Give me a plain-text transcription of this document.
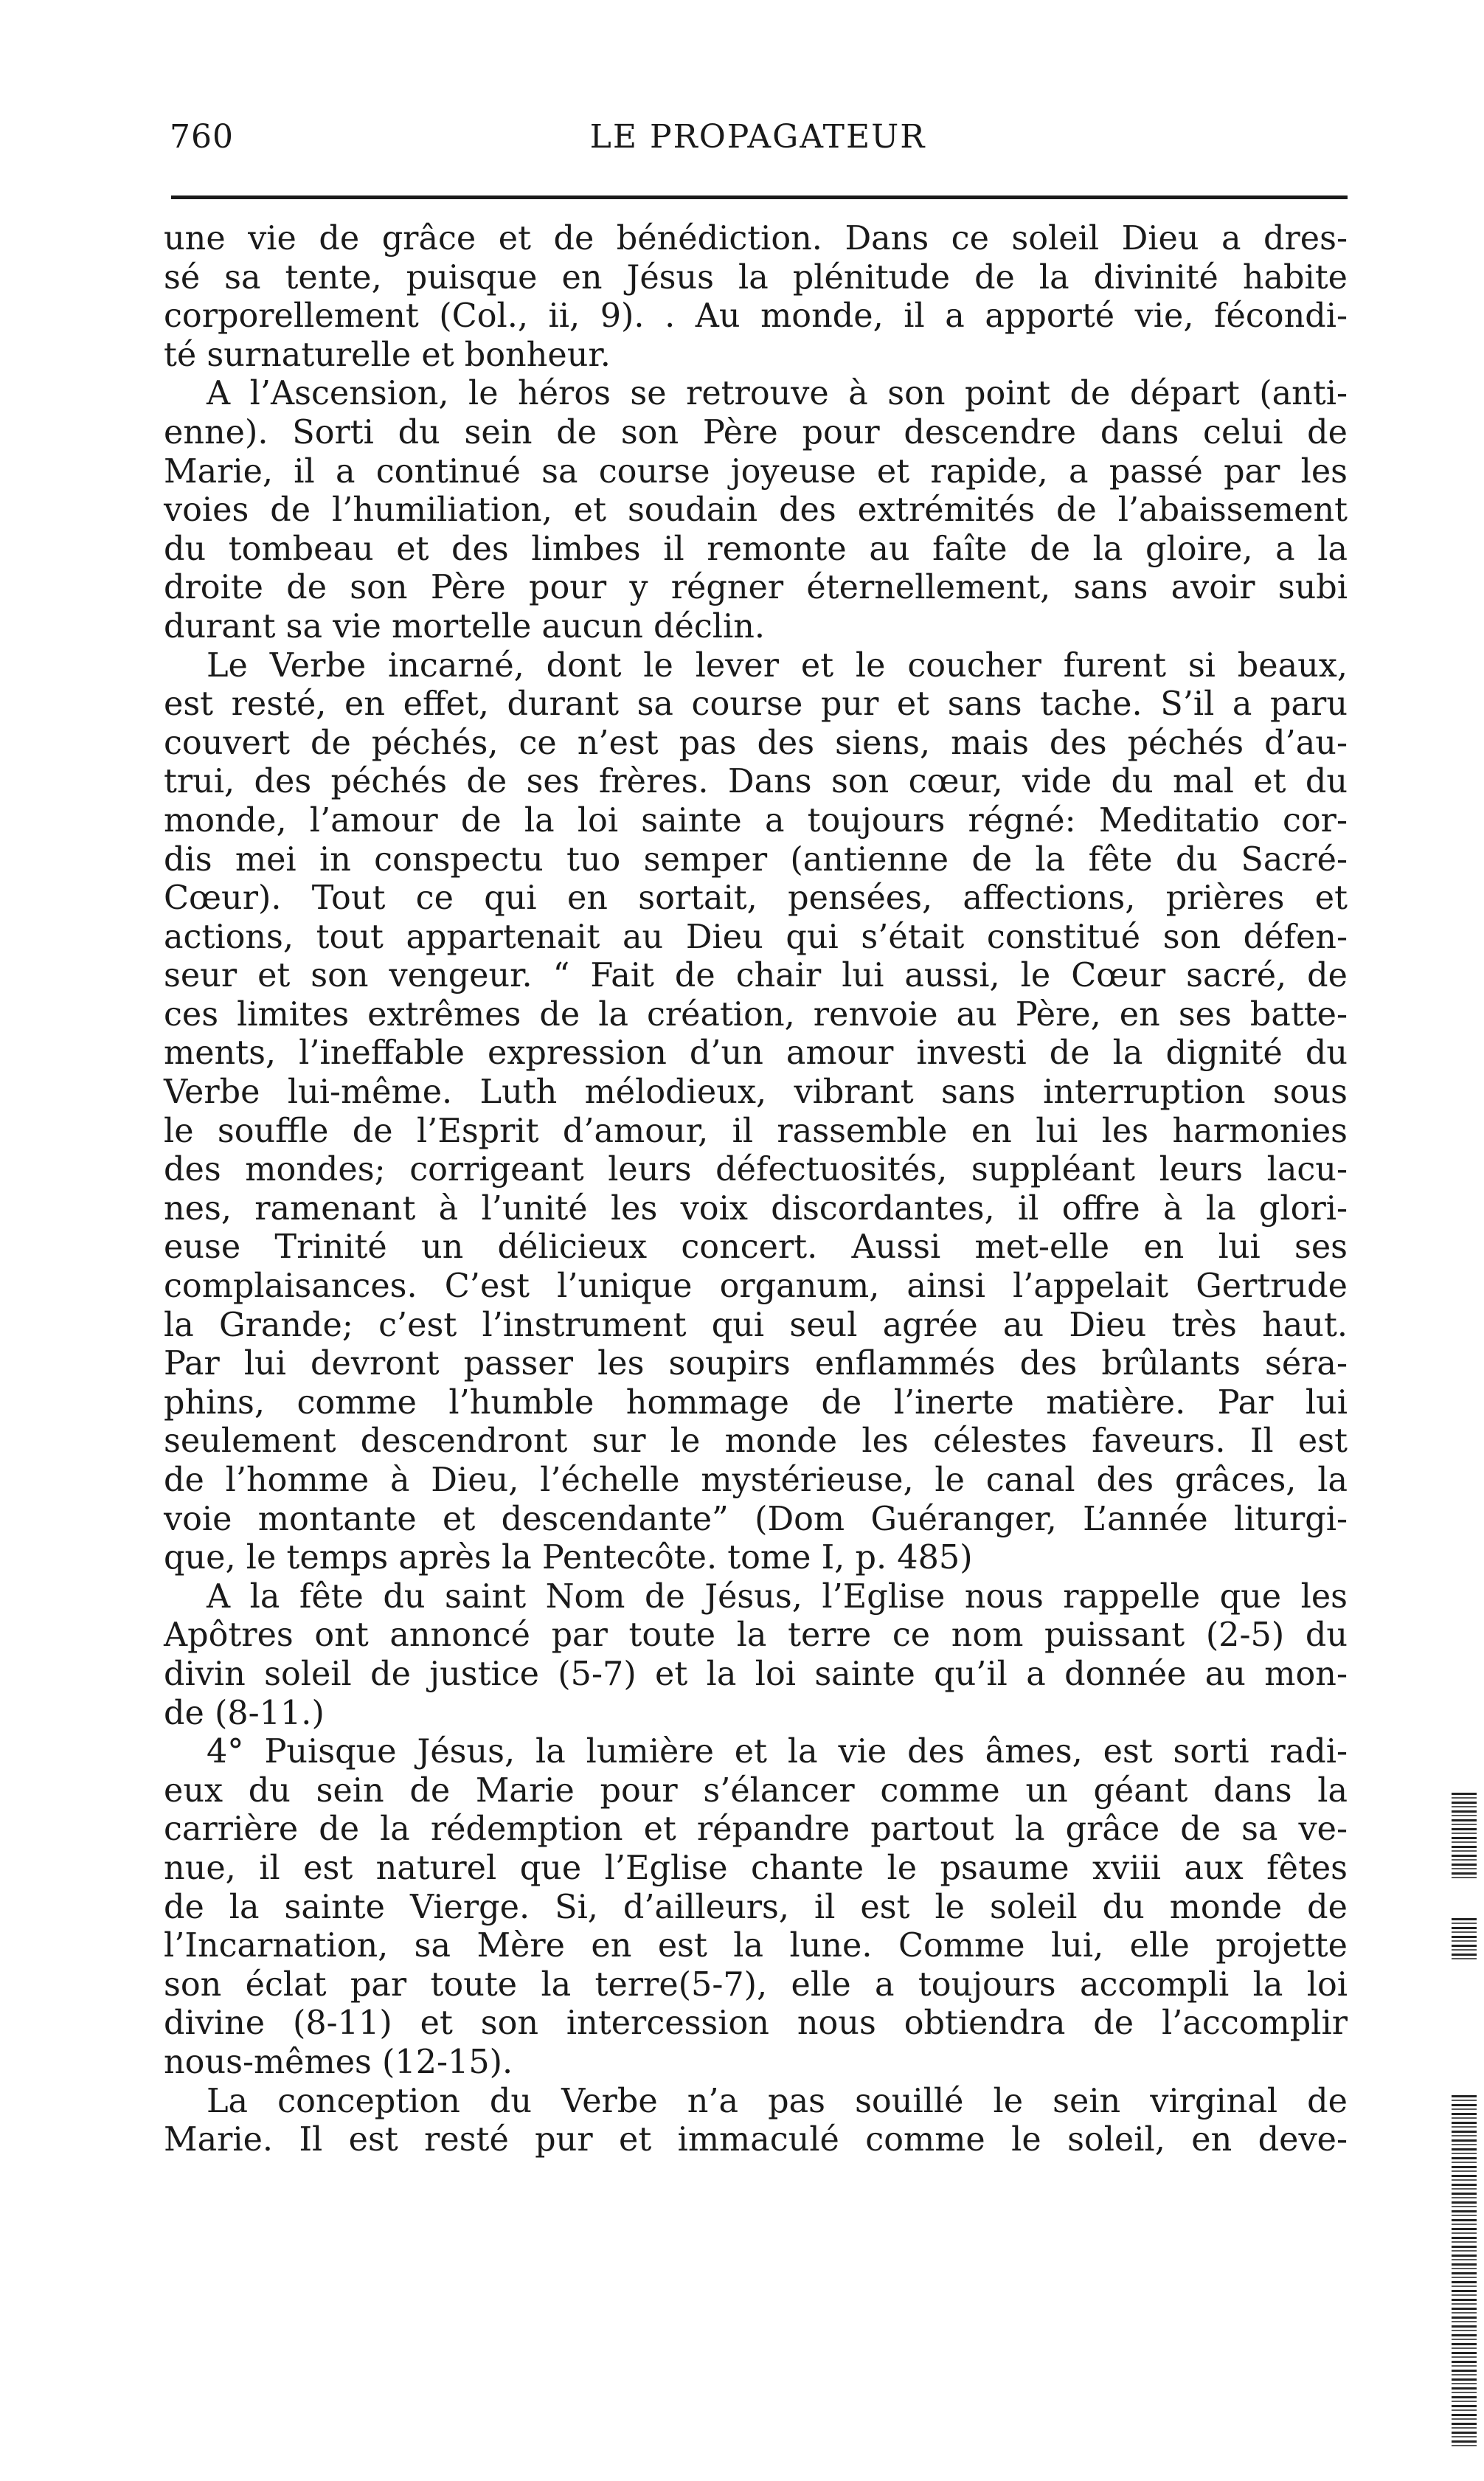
760	LE PROPAGATEUR
une vie de grâce et de bénédiction. Dans ce soleil Dieu a dres-
sé sa tente, puisque en Jésus la plénitude de la divinité habite
corporellement (Col., ii, 9). . Au monde, il a apporté vie, fécondi-
té surnaturelle et bonheur.
A l’Ascension, le héros se retrouve à son point de départ (anti-
enne). Sorti du sein de son Père pour descendre dans celui de
Marie, il a continué sa course joyeuse et rapide, a passé par les
voies de l’humiliation, et soudain des extrémités de l’abaissement
du tombeau et des limbes il remonte au faîte de la gloire, a la
droite de son Père pour y régner éternellement, sans avoir subi
durant sa vie mortelle aucun déclin.
Le Verbe incarné, dont le lever et le coucher furent si beaux,
est resté, en effet, durant sa course pur et sans tache. S’il a paru
couvert de péchés, ce n’est pas des siens, mais des péchés d’au-
trui, des péchés de ses frères. Dans son cœur, vide du mal et du
monde, l’amour de la loi sainte a toujours régné: Meditatio cor-
dis mei in conspectu tuo semper (antienne de la fête du Sacré-
Cœur). Tout ce qui en sortait, pensées, affections, prières et
actions, tout appartenait au Dieu qui s’était constitué son défen-
seur et son vengeur. “ Fait de chair lui aussi, le Cœur sacré, de
ces limites extrêmes de la création, renvoie au Père, en ses batte-
ments, l’ineffable expression d’un amour investi de la dignité du
Verbe lui-même. Luth mélodieux, vibrant sans interruption sous
le souffle de l’Esprit d’amour, il rassemble en lui les harmonies
des mondes; corrigeant leurs défectuosités, suppléant leurs lacu-
nes, ramenant à l’unité les voix discordantes, il offre à la glori-
euse Trinité un délicieux concert. Aussi met-elle en lui ses
complaisances. C’est l’unique organum, ainsi l’appelait Gertrude
la Grande; c’est l’instrument qui seul agrée au Dieu très haut.
Par lui devront passer les soupirs enflammés des brûlants séra-
phins, comme l’humble hommage de l’inerte matière. Par lui
seulement descendront sur le monde les célestes faveurs. Il est
de l’homme à Dieu, l’échelle mystérieuse, le canal des grâces, la
voie montante et descendante” (Dom Guéranger, L’année liturgi-
que, le temps après la Pentecôte. tome I, p. 485)
A la fête du saint Nom de Jésus, l’Eglise nous rappelle que les
Apôtres ont annoncé par toute la terre ce nom puissant (2-5) du
divin soleil de justice (5-7) et la loi sainte qu’il a donnée au mon-
de (8-11.)
4° Puisque Jésus, la lumière et la vie des âmes, est sorti radi-
eux du sein de Marie pour s’élancer comme un géant dans la
carrière de la rédemption et répandre partout la grâce de sa ve-
nue, il est naturel que l’Eglise chante le psaume xviii aux fêtes
de la sainte Vierge. Si, d’ailleurs, il est le soleil du monde de
l’Incarnation, sa Mère en est la lune. Comme lui, elle projette
son éclat par toute la terre(5-7), elle a toujours accompli la loi
divine (8-11) et son intercession nous obtiendra de l’accomplir
nous-mêmes (12-15).
La conception du Verbe n’a pas souillé le sein virginal de
Marie. Il est resté pur et immaculé comme le soleil, en deve-
